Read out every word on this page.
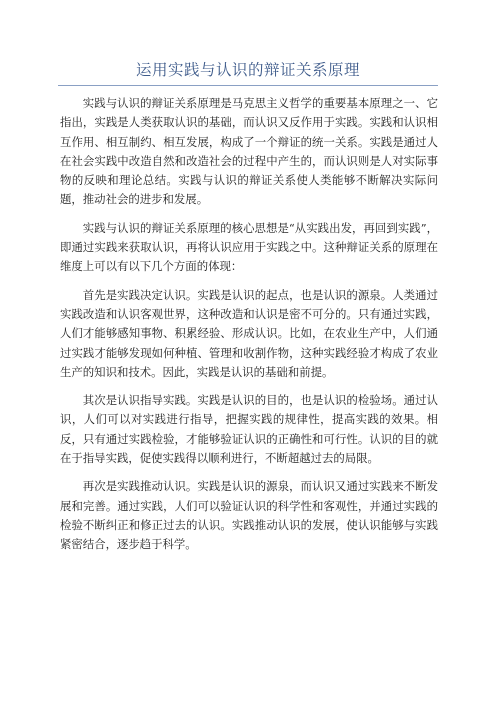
运用实践与认识的辩证关系原理

实践与认识的辩证关系原理是马克思主义哲学的重要基本原理之一、它指出，实践是人类获取认识的基础，而认识又反作用于实践。实践和认识相互作用、相互制约、相互发展，构成了一个辩证的统一关系。实践是通过人在社会实践中改造自然和改造社会的过程中产生的，而认识则是人对实际事物的反映和理论总结。实践与认识的辩证关系使人类能够不断解决实际问题，推动社会的进步和发展。

实践与认识的辩证关系原理的核心思想是“从实践出发，再回到实践”，即通过实践来获取认识，再将认识应用于实践之中。这种辩证关系的原理在维度上可以有以下几个方面的体现：

首先是实践决定认识。实践是认识的起点，也是认识的源泉。人类通过实践改造和认识客观世界，这种改造和认识是密不可分的。只有通过实践，人们才能够感知事物、积累经验、形成认识。比如，在农业生产中，人们通过实践才能够发现如何种植、管理和收割作物，这种实践经验才构成了农业生产的知识和技术。因此，实践是认识的基础和前提。

其次是认识指导实践。实践是认识的目的，也是认识的检验场。通过认识，人们可以对实践进行指导，把握实践的规律性，提高实践的效果。相反，只有通过实践检验，才能够验证认识的正确性和可行性。认识的目的就在于指导实践，促使实践得以顺利进行，不断超越过去的局限。

再次是实践推动认识。实践是认识的源泉，而认识又通过实践来不断发展和完善。通过实践，人们可以验证认识的科学性和客观性，并通过实践的检验不断纠正和修正过去的认识。实践推动认识的发展，使认识能够与实践紧密结合，逐步趋于科学。
